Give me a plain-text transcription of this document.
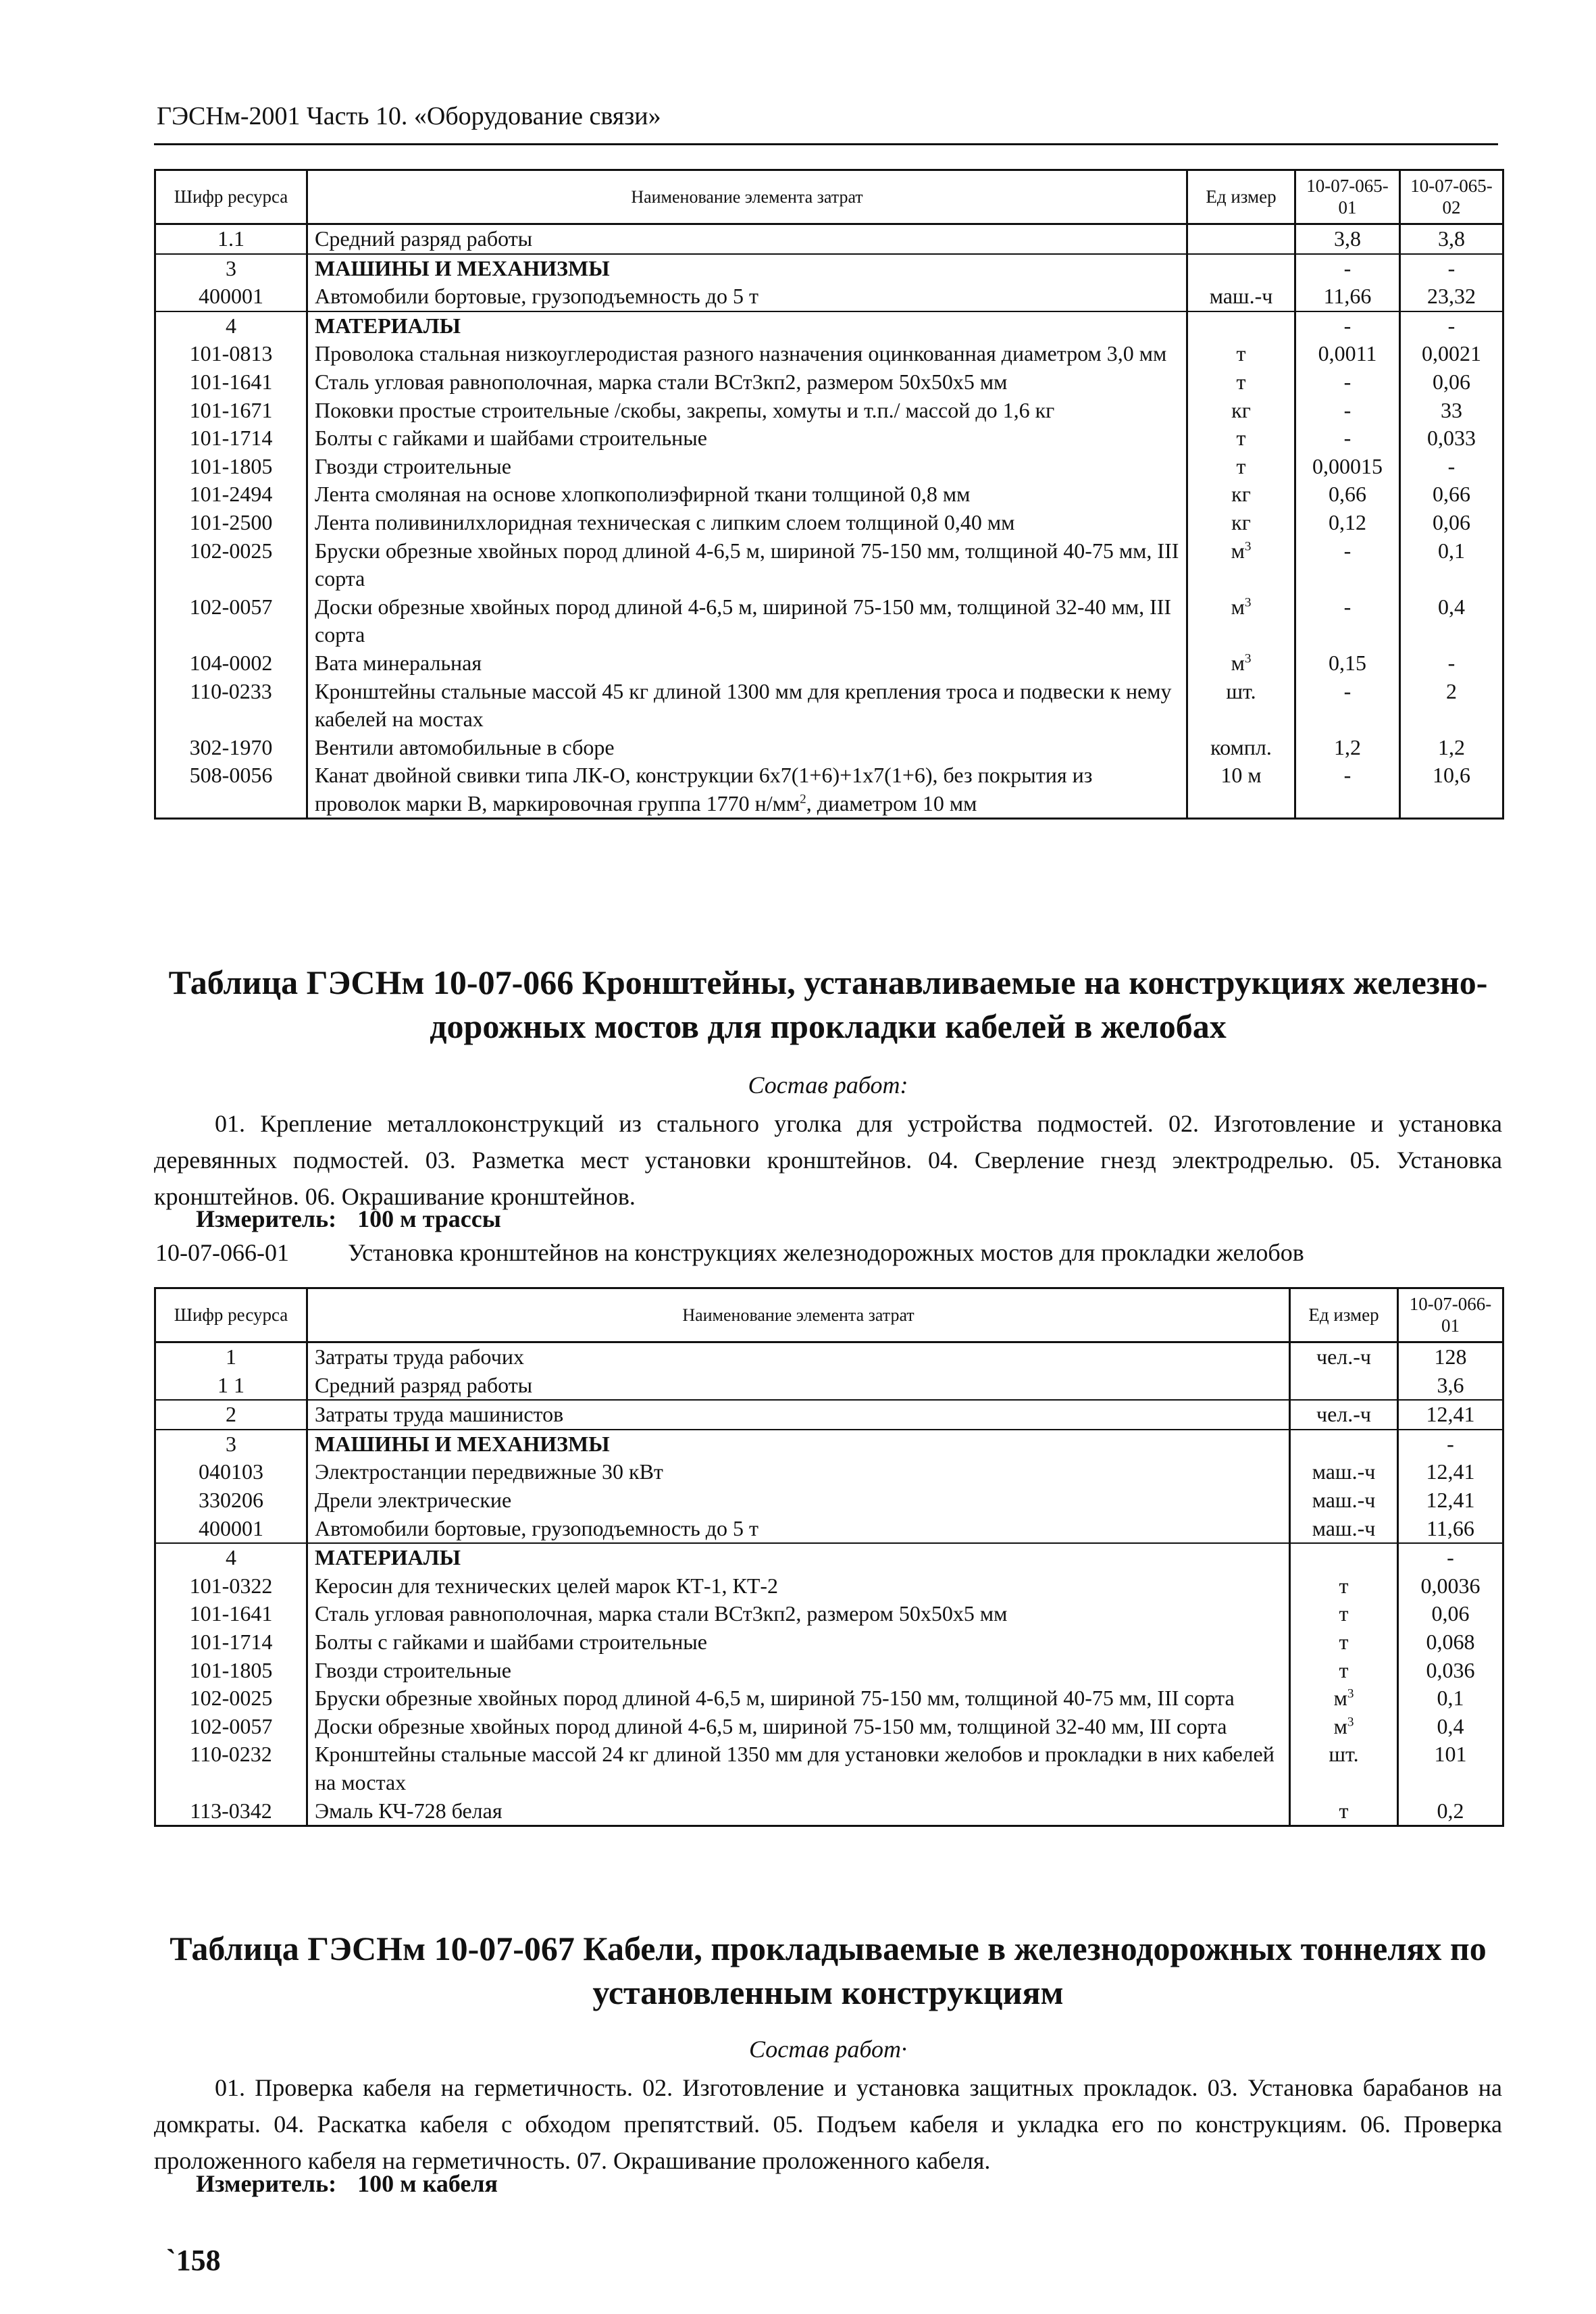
ГЭСНм-2001 Часть 10. «Оборудование связи»
Шифр ресурса	Наименование элемента затрат	Ед измер	10-07-065-01	10-07-065-02
1.1	Средний разряд работы		3,8	3,8
3	МАШИНЫ И МЕХАНИЗМЫ		-	-
400001	Автомобили бортовые, грузоподъемность до 5 т	маш.-ч	11,66	23,32
4	МАТЕРИАЛЫ		-	-
101-0813	Проволока стальная низкоуглеродистая разного назначения оцинкованная диаметром 3,0 мм	т	0,0011	0,0021
101-1641	Сталь угловая равнополочная, марка стали ВСт3кп2, размером 50х50х5 мм	т	-	0,06
101-1671	Поковки простые строительные /скобы, закрепы, хомуты и т.п./ массой до 1,6 кг	кг	-	33
101-1714	Болты с гайками и шайбами строительные	т	-	0,033
101-1805	Гвозди строительные	т	0,00015	-
101-2494	Лента смоляная на основе хлопкополиэфирной ткани толщиной 0,8 мм	кг	0,66	0,66
101-2500	Лента поливинилхлоридная техническая с липким слоем толщиной 0,40 мм	кг	0,12	0,06
102-0025	Бруски обрезные хвойных пород длиной 4-6,5 м, шириной 75-150 мм, толщиной 40-75 мм, III сорта	$м^3$	-	0,1
102-0057	Доски обрезные хвойных пород длиной 4-6,5 м, шириной 75-150 мм, толщиной 32-40 мм, III сорта	$м^3$	-	0,4
104-0002	Вата минеральная	$м^3$	0,15	-
110-0233	Кронштейны стальные массой 45 кг длиной 1300 мм для крепления троса и подвески к нему кабелей на мостах	шт.	-	2
302-1970	Вентили автомобильные в сборе	компл.	1,2	1,2
508-0056	Канат двойной свивки типа ЛК-О, конструкции 6х7(1+6)+1х7(1+6), без покрытия из проволок марки В, маркировочная группа 1770 $н/мм^2$, диаметром 10 мм	10 м	-	10,6
Таблица ГЭСНм 10-07-066 Кронштейны, устанавливаемые на конструкциях железно-
дорожных мостов для прокладки кабелей в желобах
Состав работ:
01. Крепление металлоконструкций из стального уголка для устройства подмостей. 02. Изготовление и установка деревянных подмостей. 03. Разметка мест установки кронштейнов. 04. Сверление гнезд электродрелью. 05. Установка кронштейнов. 06. Окрашивание кронштейнов.
Измеритель: 100 м трассы
10-07-066-01 Установка кронштейнов на конструкциях железнодорожных мостов для прокладки желобов
Шифр ресурса	Наименование элемента затрат	Ед измер	10-07-066-01
1	Затраты труда рабочих	чел.-ч	128
1 1	Средний разряд работы		3,6
2	Затраты труда машинистов	чел.-ч	12,41
3	МАШИНЫ И МЕХАНИЗМЫ		-
040103	Электростанции передвижные 30 кВт	маш.-ч	12,41
330206	Дрели электрические	маш.-ч	12,41
400001	Автомобили бортовые, грузоподъемность до 5 т	маш.-ч	11,66
4	МАТЕРИАЛЫ		-
101-0322	Керосин для технических целей марок КТ-1, КТ-2	т	0,0036
101-1641	Сталь угловая равнополочная, марка стали ВСт3кп2, размером 50х50х5 мм	т	0,06
101-1714	Болты с гайками и шайбами строительные	т	0,068
101-1805	Гвозди строительные	т	0,036
102-0025	Бруски обрезные хвойных пород длиной 4-6,5 м, шириной 75-150 мм, толщиной 40-75 мм, III сорта	$м^3$	0,1
102-0057	Доски обрезные хвойных пород длиной 4-6,5 м, шириной 75-150 мм, толщиной 32-40 мм, III сорта	$м^3$	0,4
110-0232	Кронштейны стальные массой 24 кг длиной 1350 мм для установки желобов и прокладки в них кабелей на мостах	шт.	101
113-0342	Эмаль КЧ-728 белая	т	0,2
Таблица ГЭСНм 10-07-067 Кабели, прокладываемые в железнодорожных тоннелях по
установленным конструкциям
Состав работ·
01. Проверка кабеля на герметичность. 02. Изготовление и установка защитных прокладок. 03. Установка барабанов на домкраты. 04. Раскатка кабеля с обходом препятствий. 05. Подъем кабеля и укладка его по конструкциям. 06. Проверка проложенного кабеля на герметичность. 07. Окрашивание проложенного кабеля.
Измеритель: 100 м кабеля
`158
